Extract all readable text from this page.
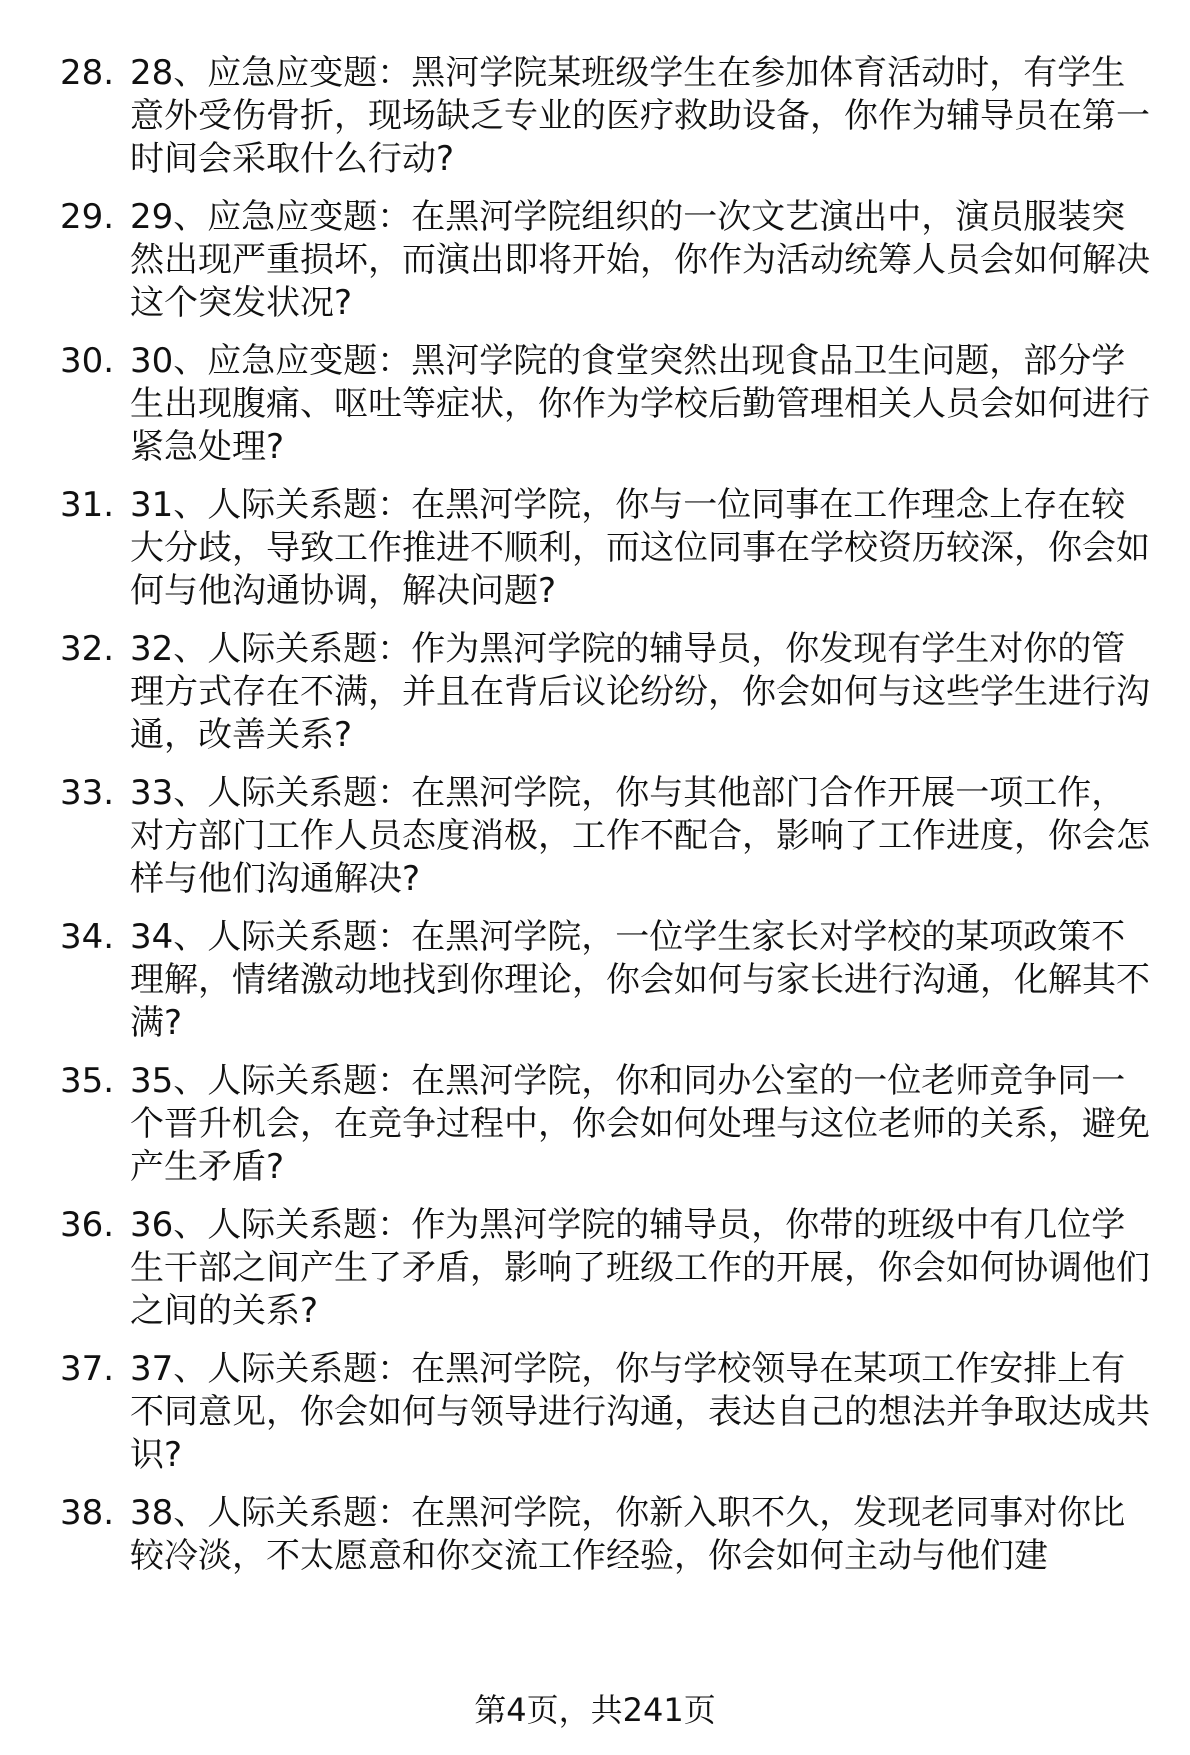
28. 28、应急应变题：黑河学院某班级学生在参加体育活动时，有学生意外受伤骨折，现场缺乏专业的医疗救助设备，你作为辅导员在第一时间会采取什么行动?
29. 29、应急应变题：在黑河学院组织的一次文艺演出中，演员服装突然出现严重损坏，而演出即将开始，你作为活动统筹人员会如何解决这个突发状况?
30. 30、应急应变题：黑河学院的食堂突然出现食品卫生问题，部分学生出现腹痛、呕吐等症状，你作为学校后勤管理相关人员会如何进行紧急处理?
31. 31、人际关系题：在黑河学院，你与一位同事在工作理念上存在较大分歧，导致工作推进不顺利，而这位同事在学校资历较深，你会如何与他沟通协调，解决问题?
32. 32、人际关系题：作为黑河学院的辅导员，你发现有学生对你的管理方式存在不满，并且在背后议论纷纷，你会如何与这些学生进行沟通，改善关系?
33. 33、人际关系题：在黑河学院，你与其他部门合作开展一项工作，对方部门工作人员态度消极，工作不配合，影响了工作进度，你会怎样与他们沟通解决?
34. 34、人际关系题：在黑河学院，一位学生家长对学校的某项政策不理解，情绪激动地找到你理论，你会如何与家长进行沟通，化解其不满?
35. 35、人际关系题：在黑河学院，你和同办公室的一位老师竞争同一个晋升机会，在竞争过程中，你会如何处理与这位老师的关系，避免产生矛盾?
36. 36、人际关系题：作为黑河学院的辅导员，你带的班级中有几位学生干部之间产生了矛盾，影响了班级工作的开展，你会如何协调他们之间的关系?
37. 37、人际关系题：在黑河学院，你与学校领导在某项工作安排上有不同意见，你会如何与领导进行沟通，表达自己的想法并争取达成共识?
38. 38、人际关系题：在黑河学院，你新入职不久，发现老同事对你比较冷淡，不太愿意和你交流工作经验，你会如何主动与他们建
第4页，共241页
